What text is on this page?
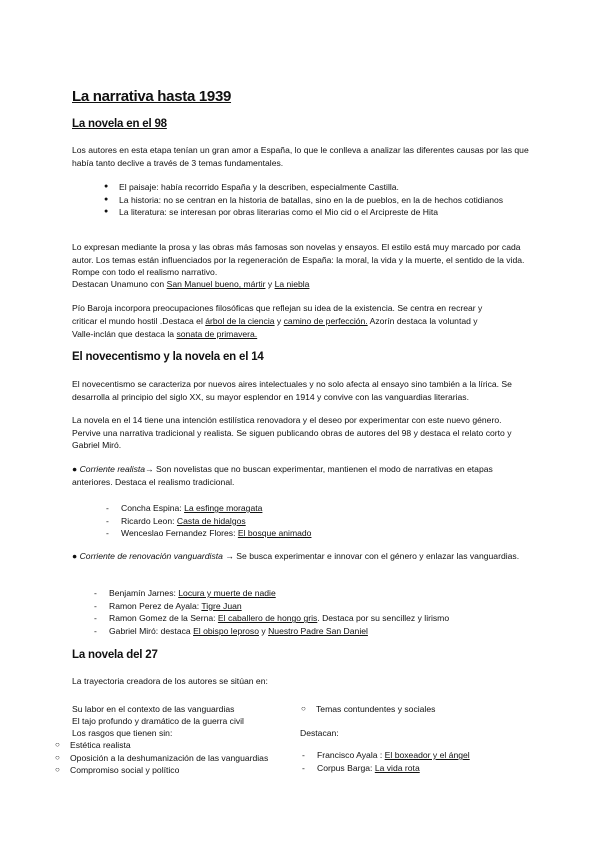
La narrativa hasta 1939
La novela en el 98
Los autores en esta etapa tenían un gran amor a España, lo que le conlleva a analizar las diferentes causas por las que había tanto declive a través de 3 temas fundamentales.
● El paisaje: había recorrido España y la describen, especialmente Castilla.
● La historia: no se centran en la historia de batallas, sino en la de pueblos, en la de hechos cotidianos
● La literatura: se interesan por obras literarias como el Mio cid o el Arcipreste de Hita
Lo expresan mediante la prosa y las obras más famosas son novelas y ensayos. El estilo está muy marcado por cada autor. Los temas están influenciados por la regeneración de España: la moral, la vida y la muerte, el sentido de la vida. Rompe con todo el realismo narrativo.
Destacan Unamuno con San Manuel bueno, mártir y La niebla
Pío Baroja incorpora preocupaciones filosóficas que reflejan su idea de la existencia. Se centra en recrear y
criticar el mundo hostil .Destaca el árbol de la ciencia y camino de perfección. Azorín destaca la voluntad y
Valle-inclán que destaca la sonata de primavera.
El novecentismo y la novela en el 14
El novecentismo se caracteriza por nuevos aires intelectuales y no solo afecta al ensayo sino también a la lírica. Se desarrolla al principio del siglo XX, su mayor esplendor en 1914 y convive con las vanguardias literarias.
La novela en el 14 tiene una intención estilística renovadora y el deseo por experimentar con este nuevo género. Pervive una narrativa tradicional y realista. Se siguen publicando obras de autores del 98 y destaca el relato corto y Gabriel Miró.
● Corriente realista→ Son novelistas que no buscan experimentar, mantienen el modo de narrativas en etapas anteriores. Destaca el realismo tradicional.
- Concha Espina: La esfinge moragata
- Ricardo Leon: Casta de hidalgos
- Wenceslao Fernandez Flores: El bosque animado
● Corriente de renovación vanguardista → Se busca experimentar e innovar con el género y enlazar las vanguardias.
- Benjamín Jarnes: Locura y muerte de nadie
- Ramon Perez de Ayala: Tigre Juan
- Ramon Gomez de la Serna: El caballero de hongo gris. Destaca por su sencillez y lirismo
- Gabriel Miró: destaca El obispo leproso y Nuestro Padre San Daniel
La novela del 27
La trayectoria creadora de los autores se sitúan en:
Su labor en el contexto de las vanguardias
El tajo profundo y dramático de la guerra civil
Los rasgos que tienen sin:
○ Estética realista
○ Oposición a la deshumanización de las vanguardias
○ Compromiso social y político
○ Temas contundentes y sociales
Destacan:
- Francisco Ayala : El boxeador y el ángel
- Corpus Barga: La vida rota
